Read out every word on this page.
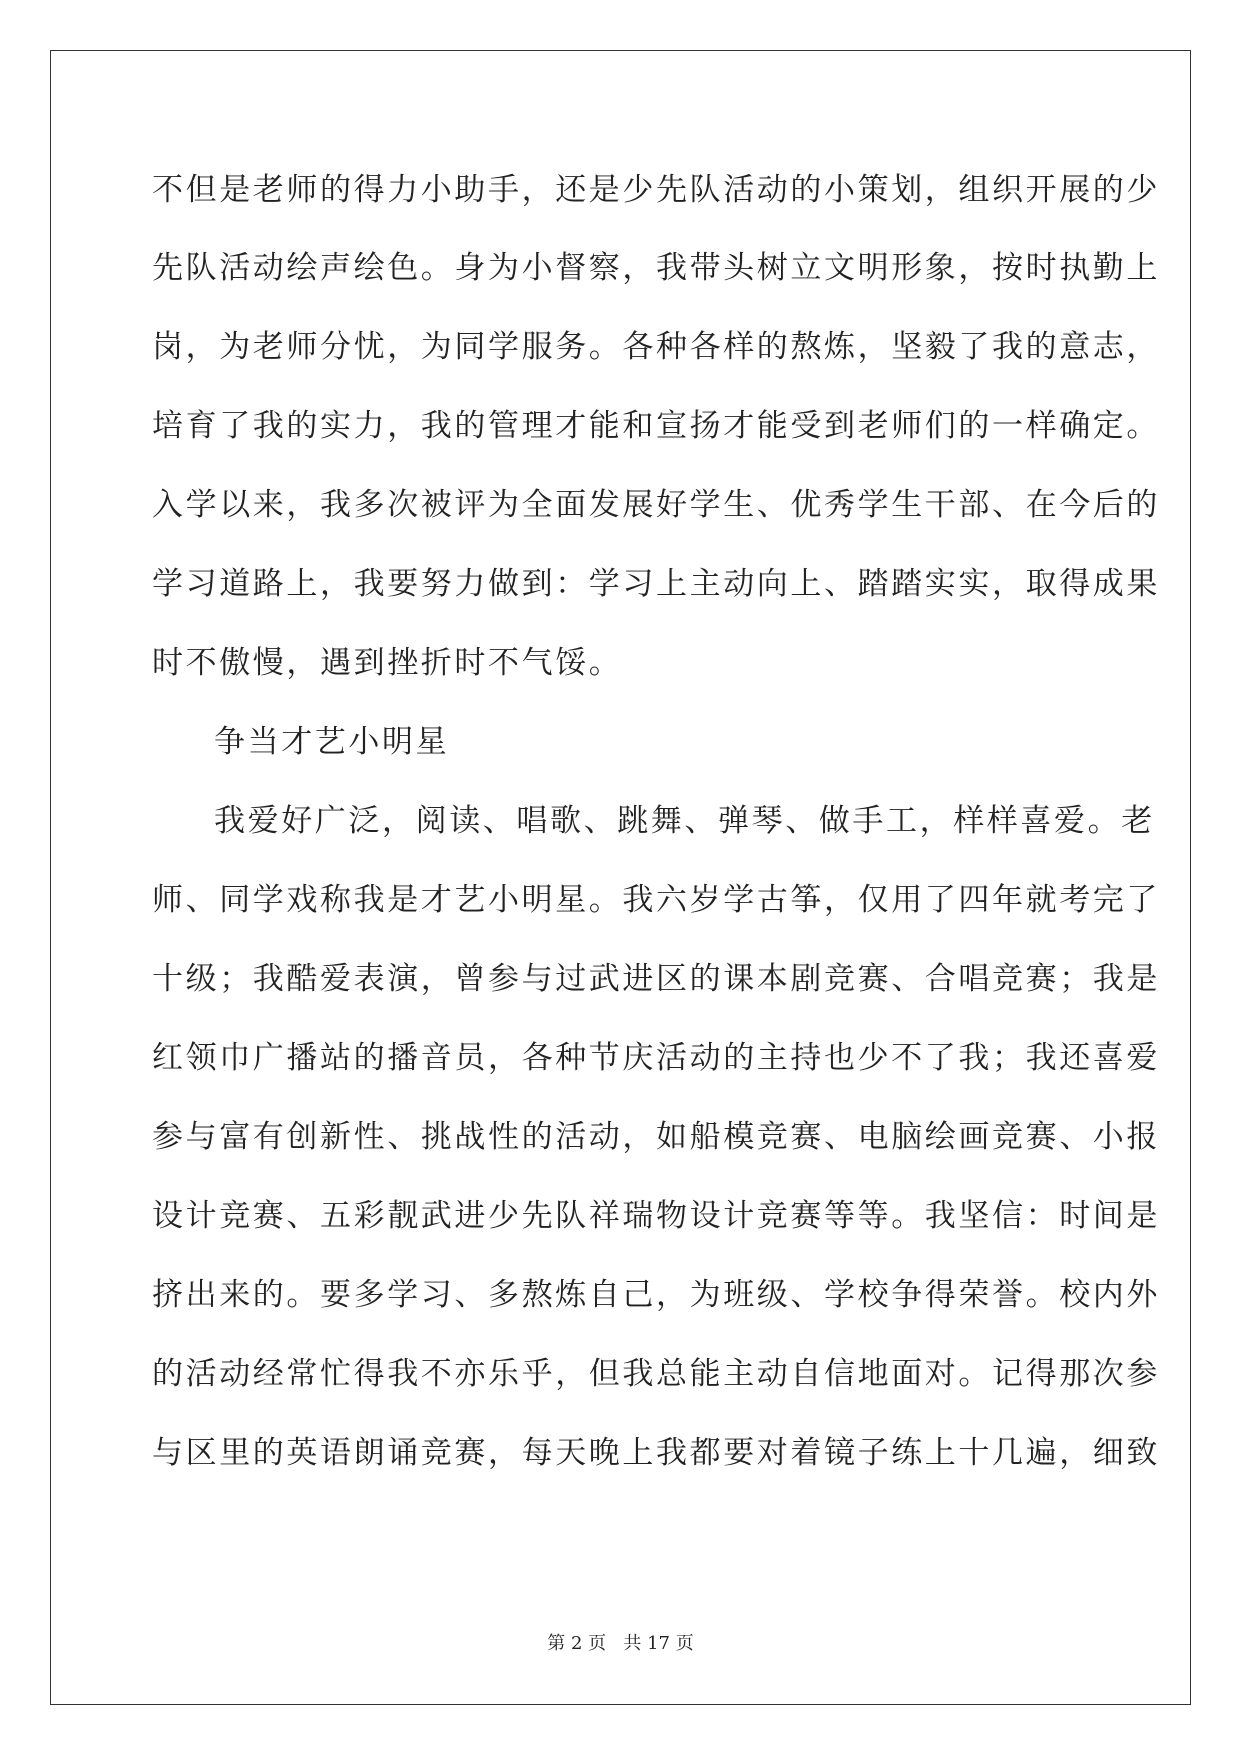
不但是老师的得力小助手，还是少先队活动的小策划，组织开展的少
先队活动绘声绘色。身为小督察，我带头树立文明形象，按时执勤上
岗，为老师分忧，为同学服务。各种各样的熬炼，坚毅了我的意志，
培育了我的实力，我的管理才能和宣扬才能受到老师们的一样确定。
入学以来，我多次被评为全面发展好学生、优秀学生干部、在今后的
学习道路上，我要努力做到：学习上主动向上、踏踏实实，取得成果
时不傲慢，遇到挫折时不气馁。
争当才艺小明星
我爱好广泛，阅读、唱歌、跳舞、弹琴、做手工，样样喜爱。老
师、同学戏称我是才艺小明星。我六岁学古筝，仅用了四年就考完了
十级；我酷爱表演，曾参与过武进区的课本剧竞赛、合唱竞赛；我是
红领巾广播站的播音员，各种节庆活动的主持也少不了我；我还喜爱
参与富有创新性、挑战性的活动，如船模竞赛、电脑绘画竞赛、小报
设计竞赛、五彩靓武进少先队祥瑞物设计竞赛等等。我坚信：时间是
挤出来的。要多学习、多熬炼自己，为班级、学校争得荣誉。校内外
的活动经常忙得我不亦乐乎，但我总能主动自信地面对。记得那次参
与区里的英语朗诵竞赛，每天晚上我都要对着镜子练上十几遍，细致
第 2 页 共 17 页
